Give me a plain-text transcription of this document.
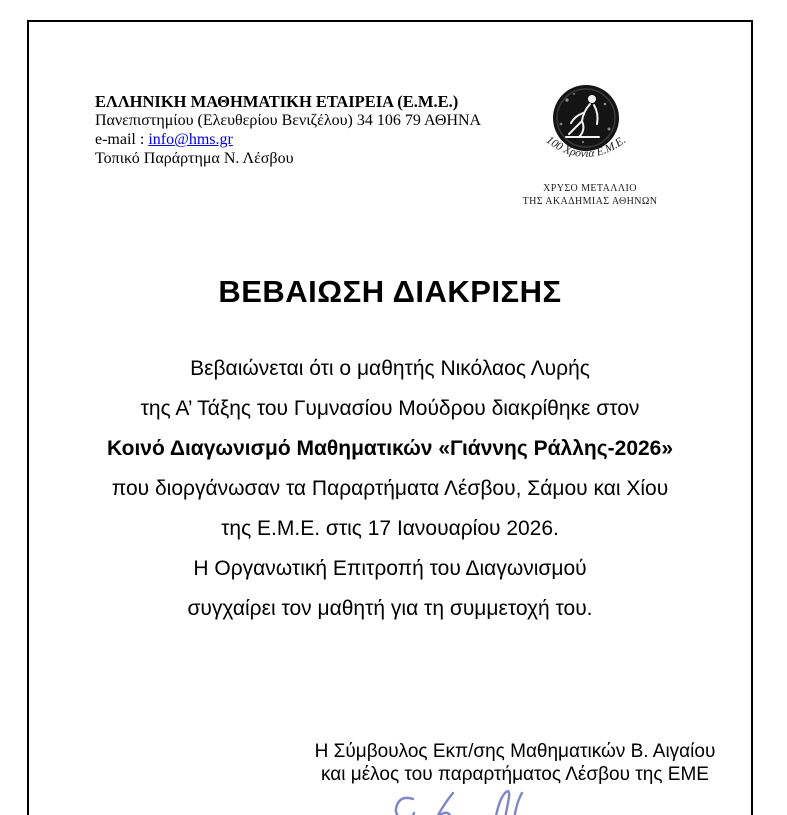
ΕΛΛΗΝΙΚΗ ΜΑΘΗΜΑΤΙΚΗ ΕΤΑΙΡΕΙΑ (Ε.Μ.Ε.)
Πανεπιστημίου (Ελευθερίου Βενιζέλου) 34 106 79 ΑΘΗΝΑ
e-mail : info@hms.gr
Τοπικό Παράρτημα Ν. Λέσβου
100 Χρόνια Ε.Μ.Ε.
ΧΡΥΣΟ ΜΕΤΑΛΛΙΟ
ΤΗΣ ΑΚΑΔΗΜΙΑΣ ΑΘΗΝΩΝ
ΒΕΒΑΙΩΣΗ ΔΙΑΚΡΙΣΗΣ
Βεβαιώνεται ότι ο μαθητής Νικόλαος Λυρής
της Α’ Τάξης του Γυμνασίου Μούδρου διακρίθηκε στον
Κοινό Διαγωνισμό Μαθηματικών «Γιάννης Ράλλης-2026»
που διοργάνωσαν τα Παραρτήματα Λέσβου, Σάμου και Χίου
της Ε.Μ.Ε. στις 17 Ιανουαρίου 2026.
Η Οργανωτική Επιτροπή του Διαγωνισμού
συγχαίρει τον μαθητή για τη συμμετοχή του.
Η Σύμβουλος Εκπ/σης Μαθηματικών Β. Αιγαίου
και μέλος του παραρτήματος Λέσβου της ΕΜΕ
